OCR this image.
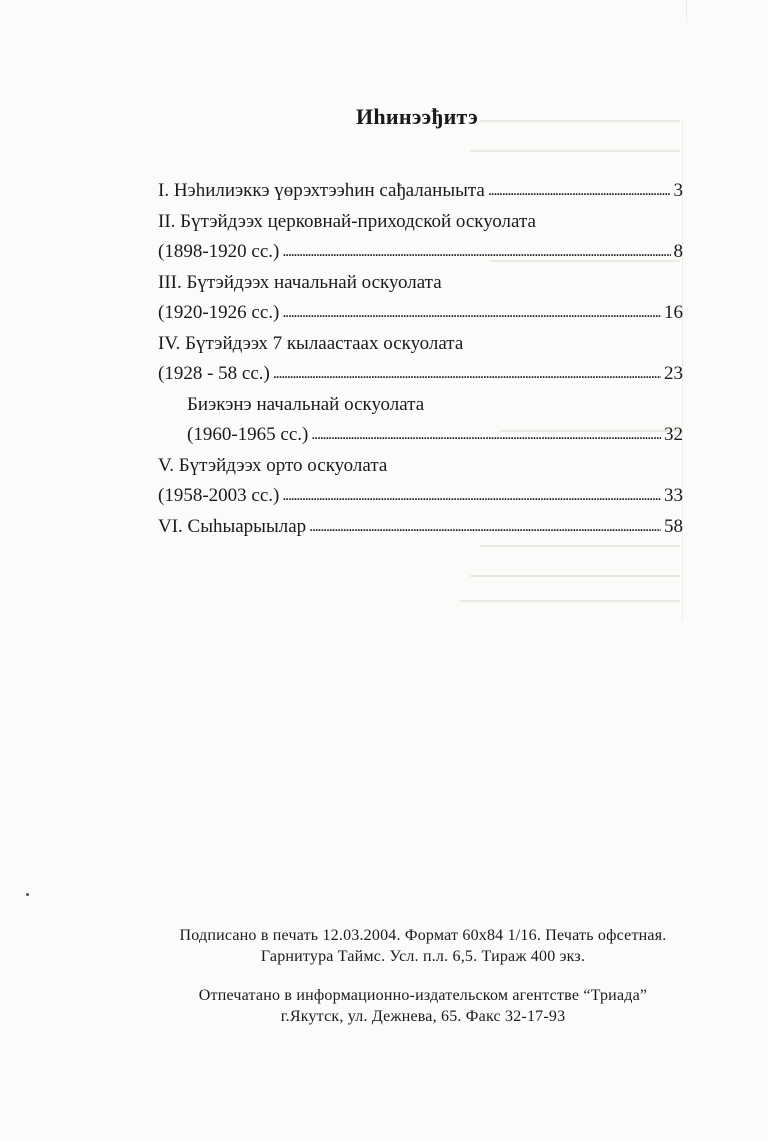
Иhинээђитэ
I. Нэhилиэккэ үөрэхтээhин сађаланыыта . . .	3
II. Бүтэйдээх церковнай-приходской оскуолата
(1898-1920 сс.) . . .	8
III. Бүтэйдээх начальнай оскуолата
(1920-1926 сс.) . . .	16
IV. Бүтэйдээх 7 кылаастаах оскуолата
(1928 - 58 сс.) . . .	23
Биэкэнэ начальнай оскуолата
(1960-1965 сс.) . . .	32
V. Бүтэйдээх орто оскуолата
(1958-2003 сс.) . . .	33
VI. Сыhыарыылар . . .	58

Подписано в печать 12.03.2004. Формат 60х84 1/16. Печать офсетная.

Гарнитура Таймс. Усл. п.л. 6,5. Тираж 400 экз.

Отпечатано в информационно-издательском агентстве “Триада”

г.Якутск, ул. Дежнева, 65. Факс 32-17-93
